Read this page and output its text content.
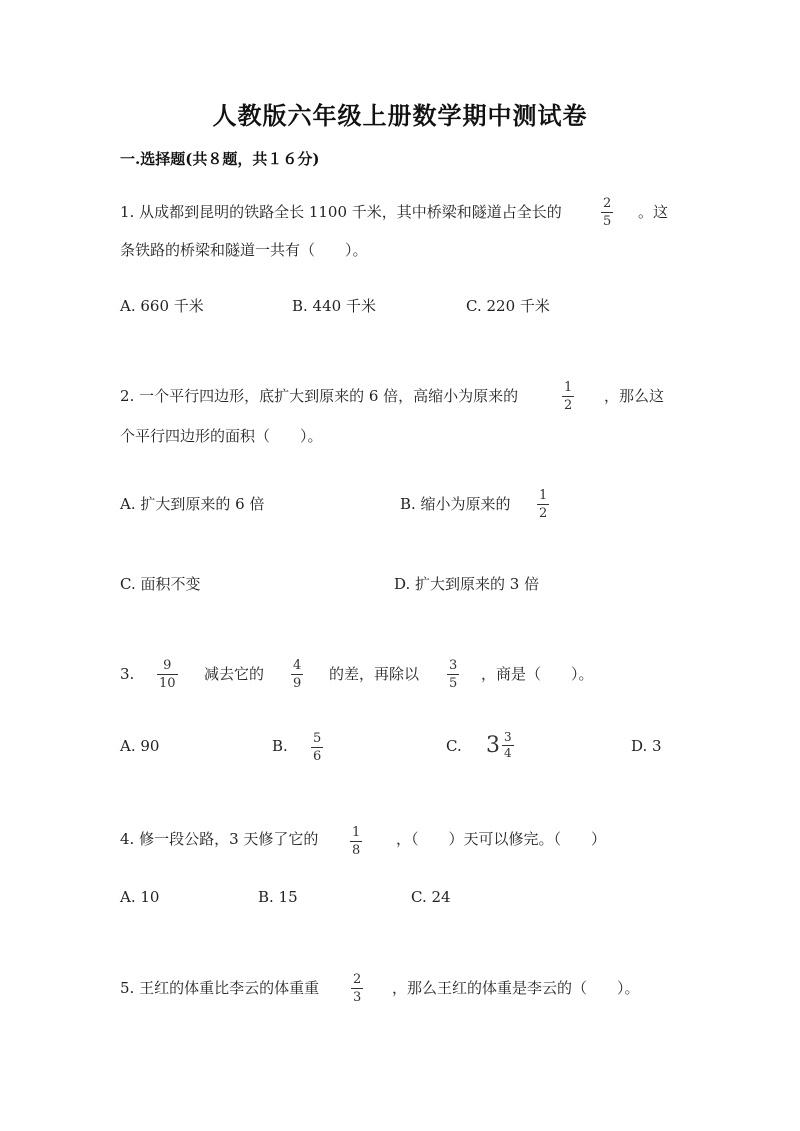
人教版六年级上册数学期中测试卷
一.选择题(共８题，共１６分)
1. 从成都到昆明的铁路全长 1100 千米，其中桥梁和隧道占全长的	2
5
。这
条铁路的桥梁和隧道一共有（　　）。
A. 660 千米	B. 440 千米	C. 220 千米
2. 一个平行四边形，底扩大到原来的 6 倍，高缩小为原来的	1
2
，那么这
个平行四边形的面积（　　）。
A. 扩大到原来的 6 倍	B. 缩小为原来的 1
2
C. 面积不变	D. 扩大到原来的 3 倍
3. 9
10
减去它的 4
9
的差，再除以 3
5
，商是（　　）。
A. 90	B. 5
6
C. $3 \frac{3}{4}$	D. 3
4. 修一段公路，3 天修了它的	1
8
，（　　）天可以修完。（　　）
A. 10	B. 15	C. 24
5. 王红的体重比李云的体重重	2
3
，那么王红的体重是李云的（　　）。
